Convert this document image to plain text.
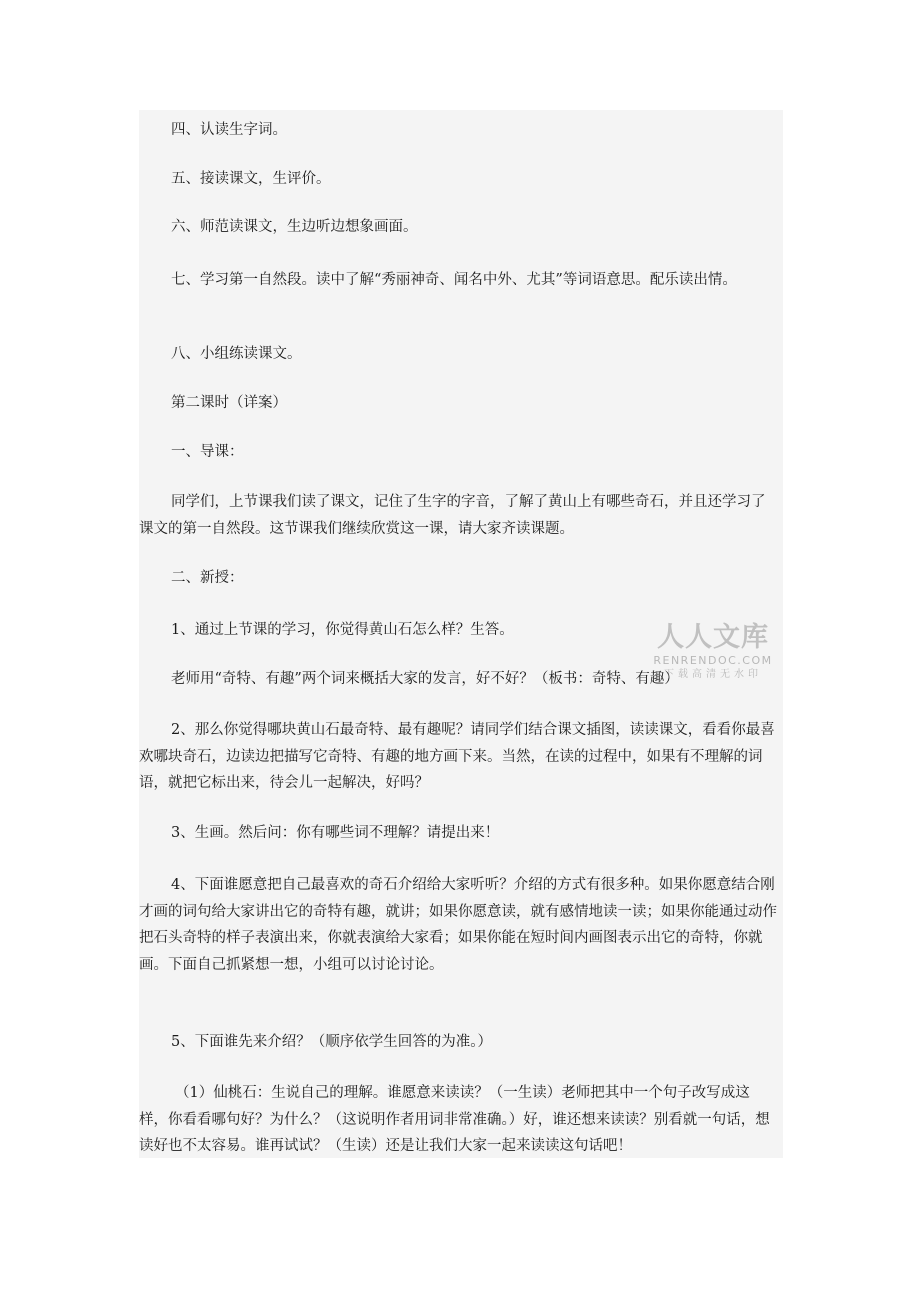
四、认读生字词。

五、接读课文，生评价。

六、师范读课文，生边听边想象画面。

七、学习第一自然段。读中了解“秀丽神奇、闻名中外、尤其”等词语意思。配乐读出情。

八、小组练读课文。

第二课时（详案）

一、导课：

同学们，上节课我们读了课文，记住了生字的字音，了解了黄山上有哪些奇石，并且还学习了课文的第一自然段。这节课我们继续欣赏这一课，请大家齐读课题。

二、新授：

1、通过上节课的学习，你觉得黄山石怎么样？生答。

老师用“奇特、有趣”两个词来概括大家的发言，好不好？（板书：奇特、有趣）

2、那么你觉得哪块黄山石最奇特、最有趣呢？请同学们结合课文插图，读读课文，看看你最喜欢哪块奇石，边读边把描写它奇特、有趣的地方画下来。当然，在读的过程中，如果有不理解的词语，就把它标出来，待会儿一起解决，好吗？

3、生画。然后问：你有哪些词不理解？请提出来！

4、下面谁愿意把自己最喜欢的奇石介绍给大家听听？介绍的方式有很多种。如果你愿意结合刚才画的词句给大家讲出它的奇特有趣，就讲；如果你愿意读，就有感情地读一读；如果你能通过动作把石头奇特的样子表演出来，你就表演给大家看；如果你能在短时间内画图表示出它的奇特，你就画。下面自己抓紧想一想，小组可以讨论讨论。

5、下面谁先来介绍？（顺序依学生回答的为准。）

（1）仙桃石：生说自己的理解。谁愿意来读读？（一生读）老师把其中一个句子改写成这样，你看看哪句好？为什么？（这说明作者用词非常准确。）好，谁还想来读读？别看就一句话，想读好也不太容易。谁再试试？（生读）还是让我们大家一起来读读这句话吧！

人人文库
RENRENDOC.COM
下载高清无水印
